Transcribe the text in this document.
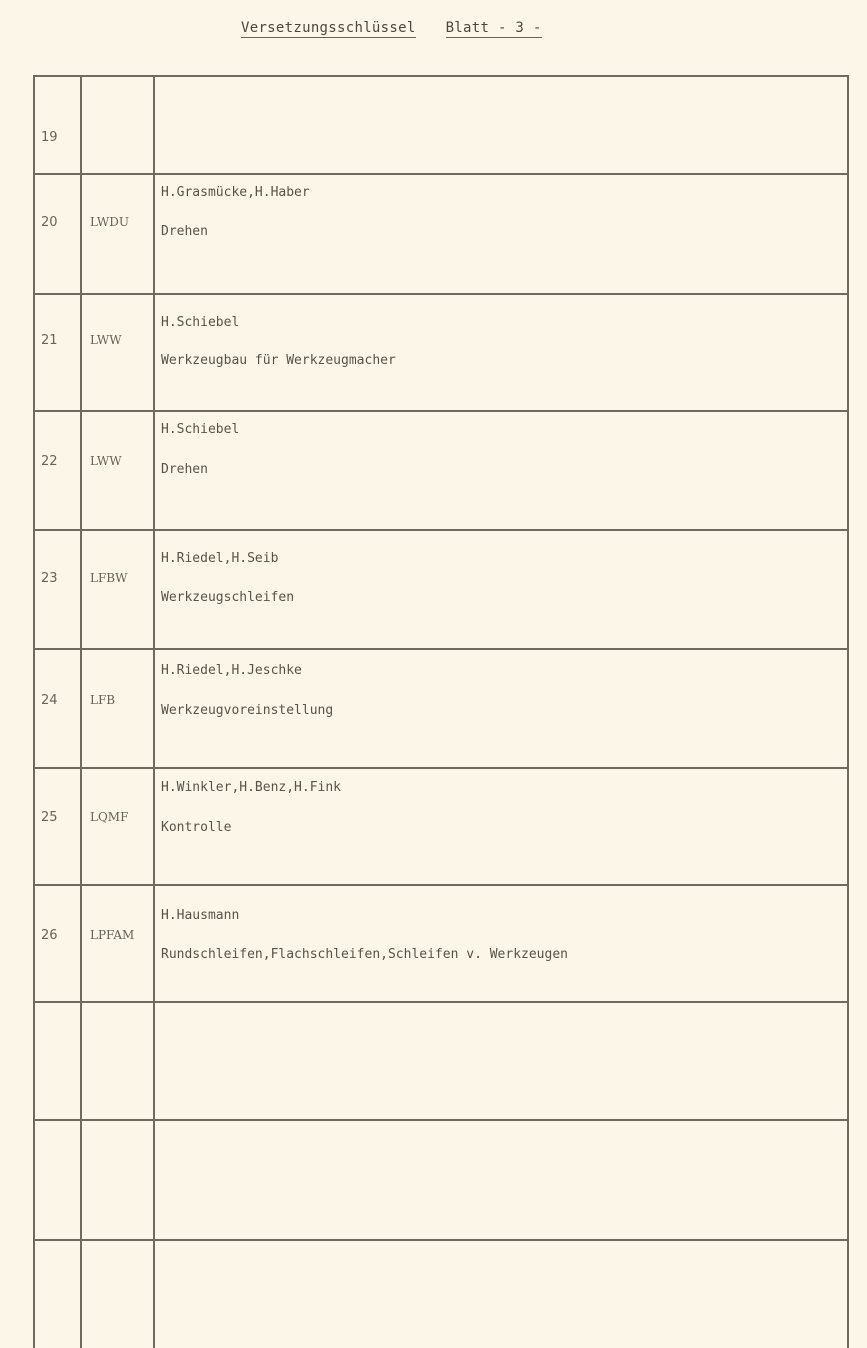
Versetzungsschlüssel Blatt - 3 -
19
20	LWDU
H.Grasmücke,H.Haber
Drehen
21	LWW
H.Schiebel
Werkzeugbau für Werkzeugmacher
22	LWW
H.Schiebel
Drehen
23	LFBW
H.Riedel,H.Seib
Werkzeugschleifen
24	LFB
H.Riedel,H.Jeschke
Werkzeugvoreinstellung
25	LQMF
H.Winkler,H.Benz,H.Fink
Kontrolle
26	LPFAM
H.Hausmann
Rundschleifen,Flachschleifen,Schleifen v. Werkzeugen
